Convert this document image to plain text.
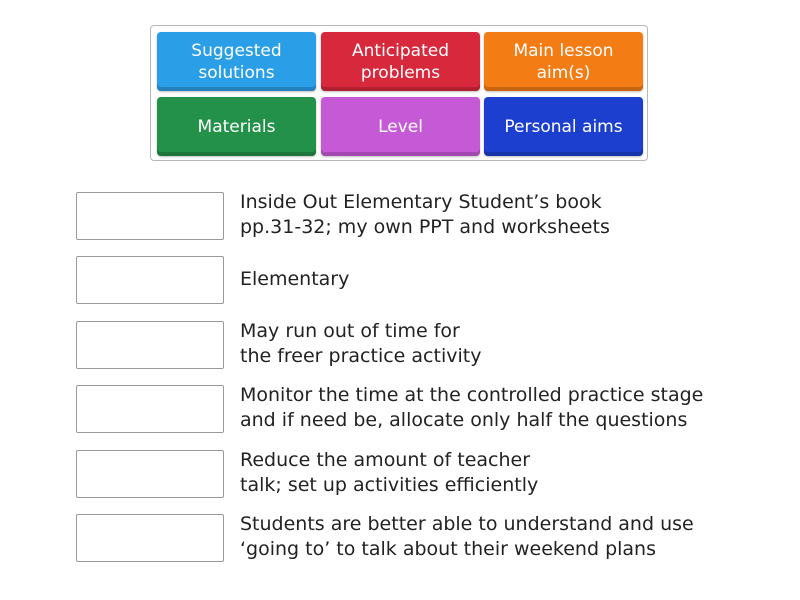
Suggested
solutions
Anticipated
problems
Main lesson
aim(s)
Materials	Level	Personal aims
Inside Out Elementary Student’s book
pp.31-32; my own PPT and worksheets
Elementary
May run out of time for
the freer practice activity
Monitor the time at the controlled practice stage
and if need be, allocate only half the questions
Reduce the amount of teacher
talk; set up activities efficiently
Students are better able to understand and use
‘going to’ to talk about their weekend plans
